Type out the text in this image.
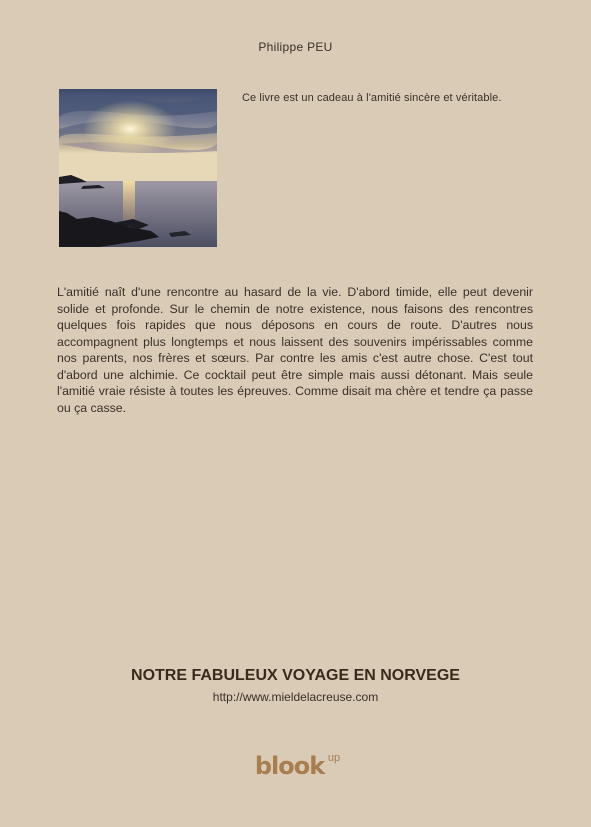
Philippe PEU
Ce livre est un cadeau à l'amitié sincère et véritable.
L'amitié naît d'une rencontre au hasard de la vie. D'abord timide, elle peut devenir solide et profonde. Sur le chemin de notre existence, nous faisons des rencontres quelques fois rapides que nous déposons en cours de route. D'autres nous accompagnent plus longtemps et nous laissent des souvenirs impérissables comme nos parents, nos frères et sœurs. Par contre les amis c'est autre chose. C'est tout d'abord une alchimie. Ce cocktail peut être simple mais aussi détonant. Mais seule l'amitié vraie résiste à toutes les épreuves. Comme disait ma chère et tendre ça passe ou ça casse.
NOTRE FABULEUX VOYAGE EN NORVEGE
http://www.mieldelacreuse.com
blook up
